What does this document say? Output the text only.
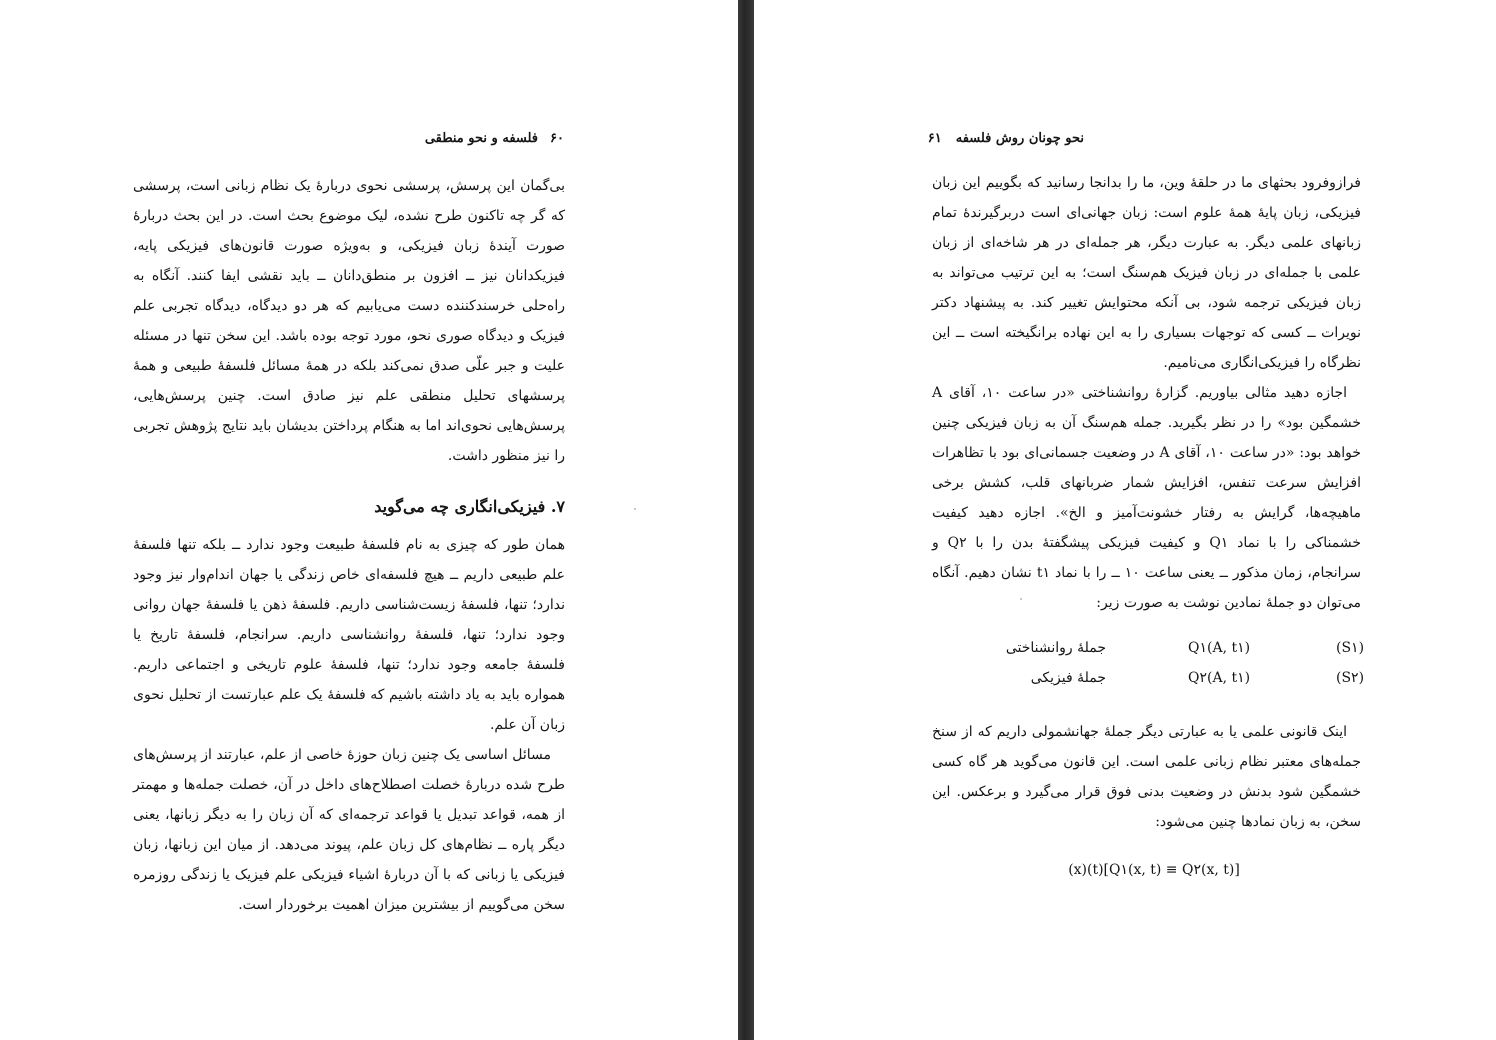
۶۰فلسفه و نحو منطقی

بی‌گمان این پرسش، پرسشی نحوی دربارهٔ یک نظام زبانی است، پرسشی که گر چه تاکنون طرح نشده، لیک موضوع بحث است. در این بحث دربارهٔ صورت آیندهٔ زبان فیزیکی، و به‌ویژه صورت قانون‌های فیزیکی پایه، فیزیکدانان نیز ــ افزون بر منطق‌دانان ــ باید نقشی ایفا کنند. آنگاه به راه‌حلی خرسندکننده دست می‌یابیم که هر دو دیدگاه، دیدگاه تجربی علم فیزیک و دیدگاه صوری نحو، مورد توجه بوده باشد. این سخن تنها در مسئله علیت و جبر علّی صدق نمی‌کند بلکه در همهٔ مسائل فلسفهٔ طبیعی و همهٔ پرسشهای تحلیل منطقی علم نیز صادق است. چنین پرسش‌هایی، پرسش‌هایی نحوی‌اند اما به هنگام پرداختن بدیشان باید نتایج پژوهش تجربی را نیز منظور داشت.

۷. فیزیکی‌انگاری چه می‌گوید

همان طور که چیزی به نام فلسفهٔ طبیعت وجود ندارد ــ بلکه تنها فلسفهٔ علم طبیعی داریم ــ هیچ فلسفه‌ای خاص زندگی یا جهان اندام‌وار نیز وجود ندارد؛ تنها، فلسفهٔ زیست‌شناسی داریم. فلسفهٔ ذهن یا فلسفهٔ جهان روانی وجود ندارد؛ تنها، فلسفهٔ روانشناسی داریم. سرانجام، فلسفهٔ تاریخ یا فلسفهٔ جامعه وجود ندارد؛ تنها، فلسفهٔ علوم تاریخی و اجتماعی داریم. همواره باید به یاد داشته باشیم که فلسفهٔ یک علم عبارتست از تحلیل نحوی زبان آن علم.

مسائل اساسی یک چنین زبان حوزهٔ خاصی از علم، عبارتند از پرسش‌های طرح شده دربارهٔ خصلت اصطلاح‌های داخل در آن، خصلت جمله‌ها و مهمتر از همه، قواعد تبدیل یا قواعد ترجمه‌ای که آن زبان را به دیگر زبانها، یعنی دیگر پاره ــ نظام‌های کل زبان علم، پیوند می‌دهد. از میان این زبانها، زبان فیزیکی یا زبانی که با آن دربارهٔ اشیاء فیزیکی علم فیزیک یا زندگی روزمره سخن می‌گوییم از بیشترین میزان اهمیت برخوردار است.

نحو چونان روش فلسفه۶۱

فرازوفرود بحثهای ما در حلقهٔ وین، ما را بدانجا رسانید که بگوییم این زبان فیزیکی، زبان پایهٔ همهٔ علوم است: زبان جهانی‌ای است دربرگیرندهٔ تمام زبانهای علمی دیگر. به عبارت دیگر، هر جمله‌ای در هر شاخه‌ای از زبان علمی با جمله‌ای در زبان فیزیک هم‌سنگ است؛ به این ترتیب می‌تواند به زبان فیزیکی ترجمه شود، بی آنکه محتوایش تغییر کند. به پیشنهاد دکتر نویرات ــ کسی که توجهات بسیاری را به این نهاده برانگیخته است ــ این نظرگاه را فیزیکی‌انگاری می‌نامیم.

اجازه دهید مثالی بیاوریم. گزارهٔ روانشناختی «در ساعت ۱۰، آقای A خشمگین بود» را در نظر بگیرید. جمله هم‌سنگ آن به زبان فیزیکی چنین خواهد بود: «در ساعت ۱۰، آقای A در وضعیت جسمانی‌ای بود با تظاهرات افزایش سرعت تنفس، افزایش شمار ضربانهای قلب، کشش برخی ماهیچه‌ها، گرایش به رفتار خشونت‌آمیز و الخ». اجازه دهید کیفیت خشمناکی را با نماد Q۱ و کیفیت فیزیکی پیشگفتهٔ بدن را با Q۲ و سرانجام، زمان مذکور ــ یعنی ساعت ۱۰ ــ را با نماد t۱ نشان دهیم. آنگاه می‌توان دو جملهٔ نمادین نوشت به صورت زیر:

(S۱)
Q۱(A, t۱)
جملهٔ روانشناختی
(S۲)
Q۲(A, t۱)
جملهٔ فیزیکی

اینک قانونی علمی یا به عبارتی دیگر جملهٔ جهانشمولی داریم که از سنخ جمله‌های معتبر نظام زبانی علمی است. این قانون می‌گوید هر گاه کسی خشمگین شود بدنش در وضعیت بدنی فوق قرار می‌گیرد و برعکس. این سخن، به زبان نمادها چنین می‌شود:

(x)(t)[Q۱(x, t) ≡ Q۲(x, t)]
